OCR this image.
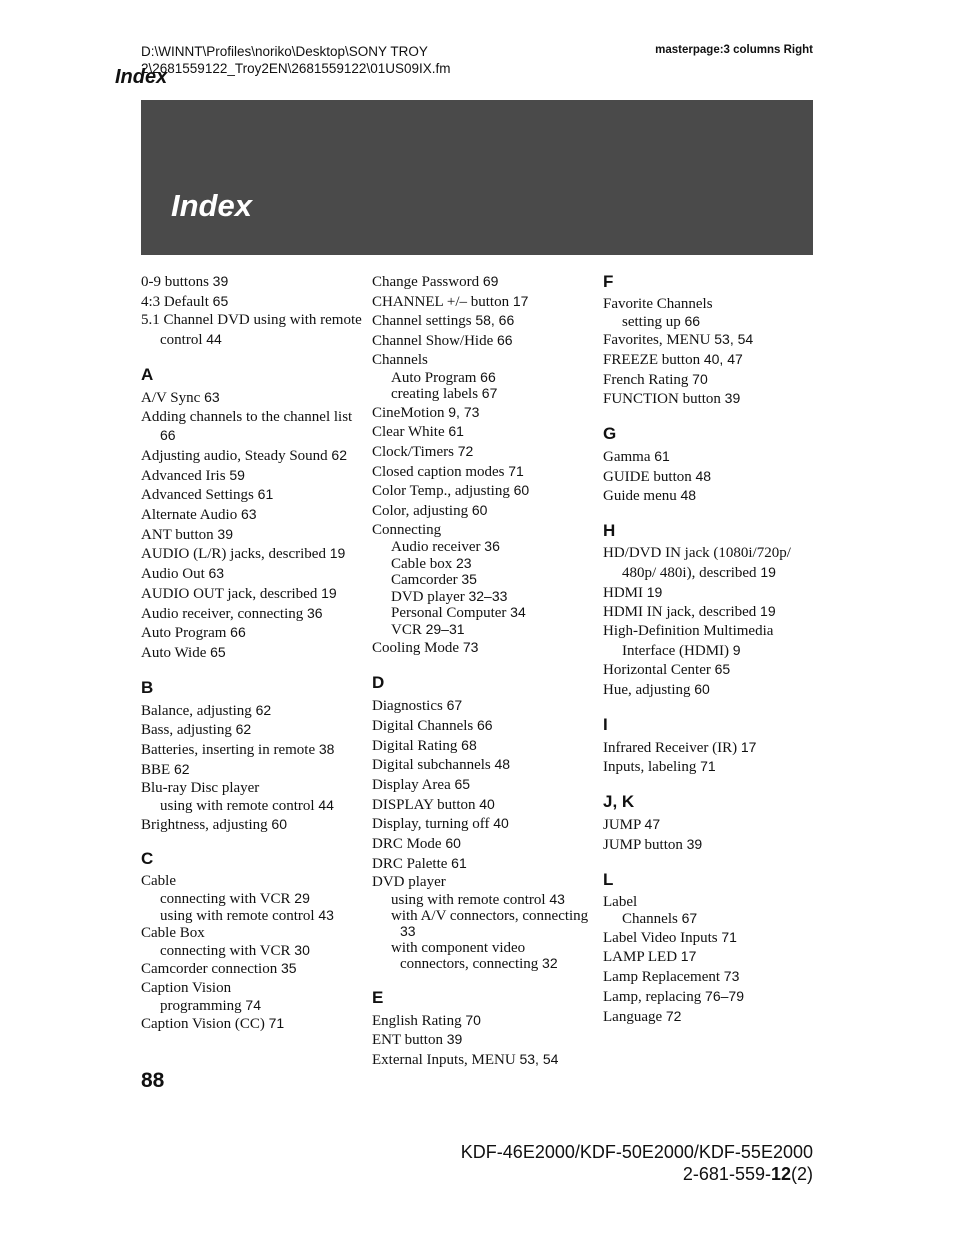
D:\WINNT\Profiles\noriko\Desktop\SONY TROY
2\2681559122_Troy2EN\2681559122\01US09IX.fm
masterpage:3 columns Right
Index
Index
0-9 buttons 39
4:3 Default 65
5.1 Channel DVD using with remote control 44
A
A/V Sync 63
Adding channels to the channel list 66
Adjusting audio, Steady Sound 62
Advanced Iris 59
Advanced Settings 61
Alternate Audio 63
ANT button 39
AUDIO (L/R) jacks, described 19
Audio Out 63
AUDIO OUT jack, described 19
Audio receiver, connecting 36
Auto Program 66
Auto Wide 65
B
Balance, adjusting 62
Bass, adjusting 62
Batteries, inserting in remote 38
BBE 62
Blu-ray Disc player
using with remote control 44
Brightness, adjusting 60
C
Cable
connecting with VCR 29
using with remote control 43
Cable Box
connecting with VCR 30
Camcorder connection 35
Caption Vision
programming 74
Caption Vision (CC) 71
Change Password 69
CHANNEL +/– button 17
Channel settings 58, 66
Channel Show/Hide 66
Channels
Auto Program 66
creating labels 67
CineMotion 9, 73
Clear White 61
Clock/Timers 72
Closed caption modes 71
Color Temp., adjusting 60
Color, adjusting 60
Connecting
Audio receiver 36
Cable box 23
Camcorder 35
DVD player 32–33
Personal Computer 34
VCR 29–31
Cooling Mode 73
D
Diagnostics 67
Digital Channels 66
Digital Rating 68
Digital subchannels 48
Display Area 65
DISPLAY button 40
Display, turning off 40
DRC Mode 60
DRC Palette 61
DVD player
using with remote control 43
with A/V connectors, connecting 33
with component video connectors, connecting 32
E
English Rating 70
ENT button 39
External Inputs, MENU 53, 54
F
Favorite Channels
setting up 66
Favorites, MENU 53, 54
FREEZE button 40, 47
French Rating 70
FUNCTION button 39
G
Gamma 61
GUIDE button 48
Guide menu 48
H
HD/DVD IN jack (1080i/720p/ 480p/ 480i), described 19
HDMI 19
HDMI IN jack, described 19
High-Definition Multimedia Interface (HDMI) 9
Horizontal Center 65
Hue, adjusting 60
I
Infrared Receiver (IR) 17
Inputs, labeling 71
J, K
JUMP 47
JUMP button 39
L
Label
Channels 67
Label Video Inputs 71
LAMP LED 17
Lamp Replacement 73
Lamp, replacing 76–79
Language 72
88
KDF-46E2000/KDF-50E2000/KDF-55E2000
2-681-559-12(2)
